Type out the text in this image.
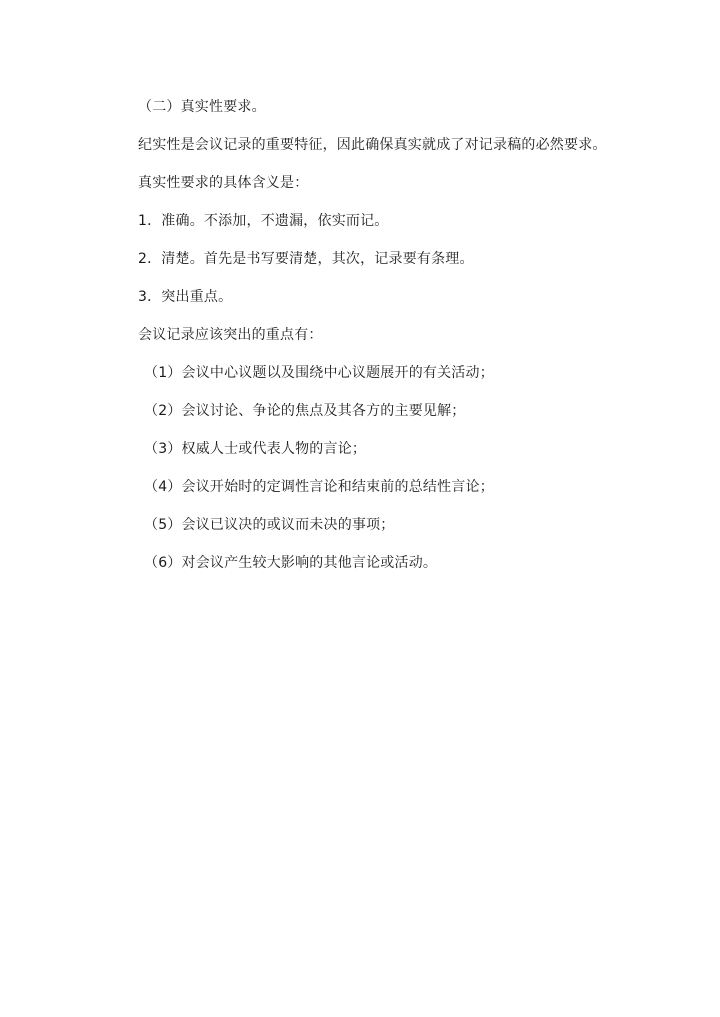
（二）真实性要求。
纪实性是会议记录的重要特征，因此确保真实就成了对记录稿的必然要求。
真实性要求的具体含义是：
1．准确。不添加，不遗漏，依实而记。
2．清楚。首先是书写要清楚，其次，记录要有条理。
3．突出重点。
会议记录应该突出的重点有：
（1）会议中心议题以及围绕中心议题展开的有关活动；
（2）会议讨论、争论的焦点及其各方的主要见解；
（3）权威人士或代表人物的言论；
（4）会议开始时的定调性言论和结束前的总结性言论；
（5）会议已议决的或议而未决的事项；
（6）对会议产生较大影响的其他言论或活动。
